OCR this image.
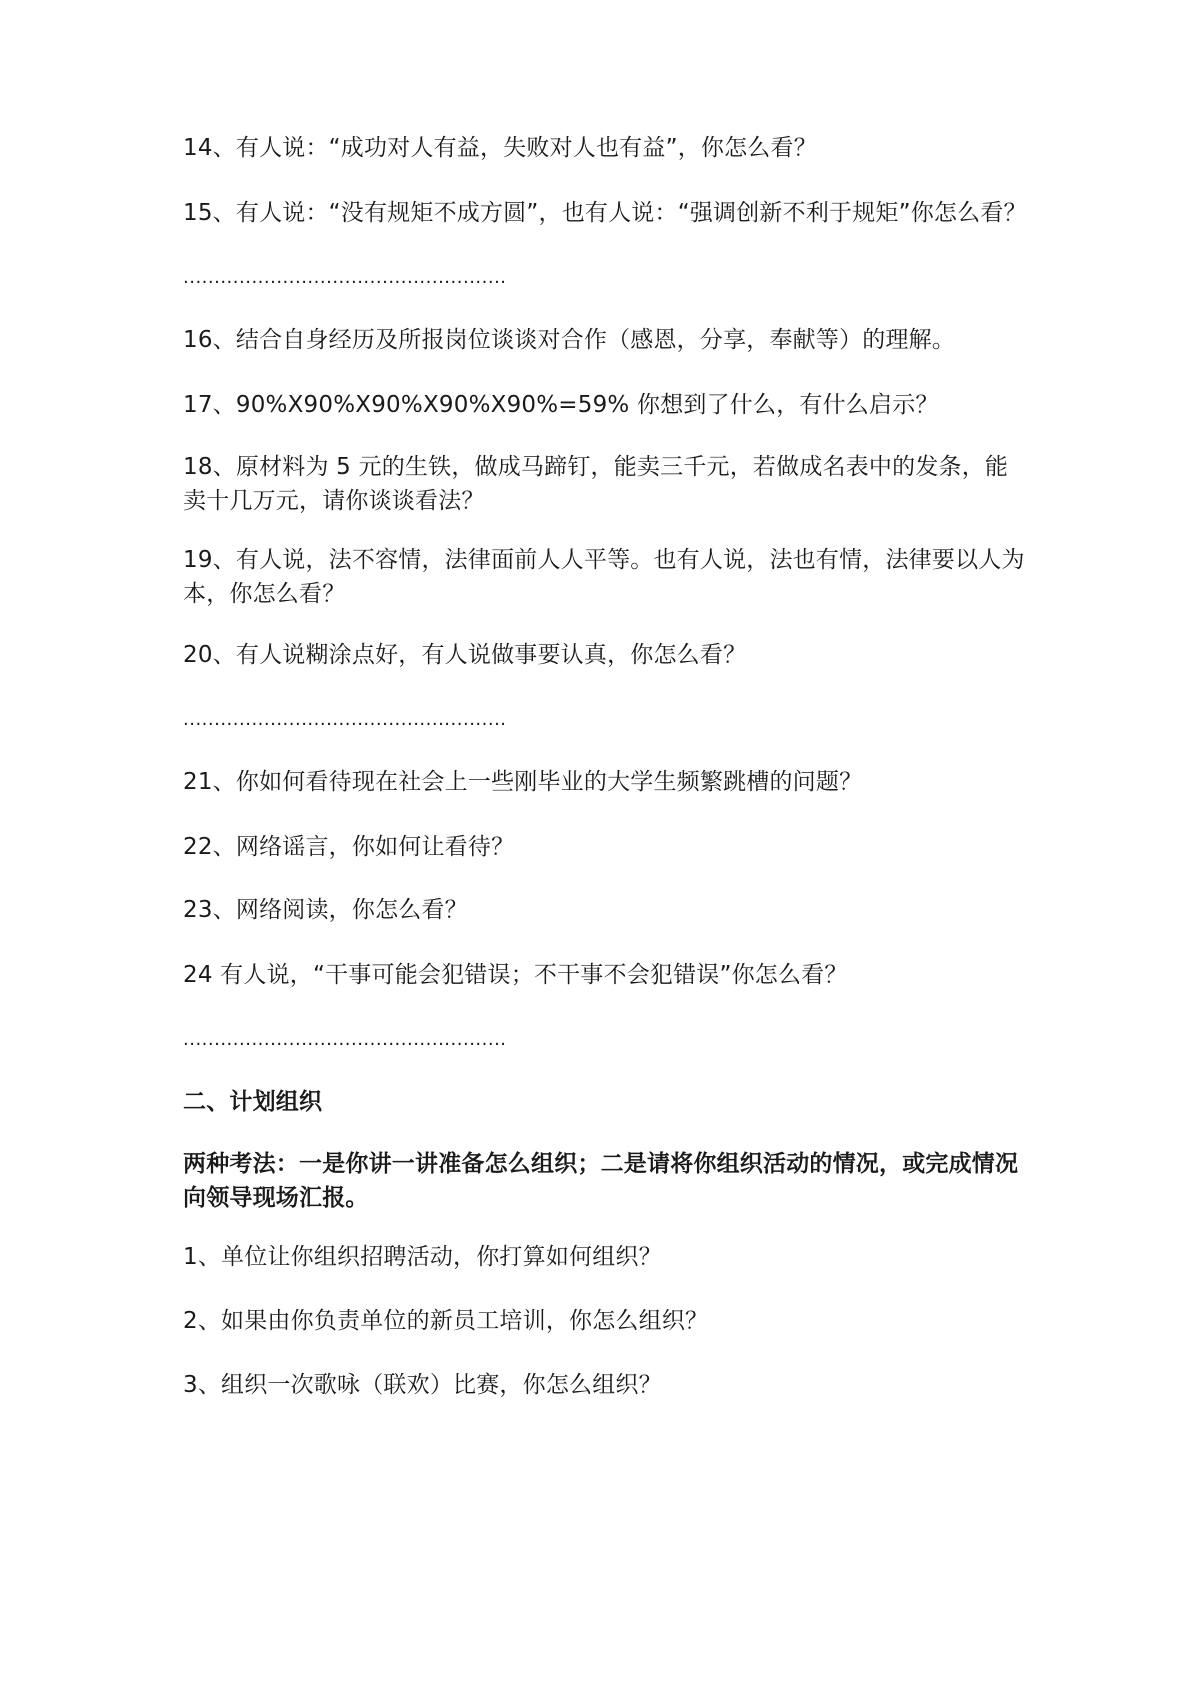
14、有人说：“成功对人有益，失败对人也有益”，你怎么看？
15、有人说：“没有规矩不成方圆”，也有人说：“强调创新不利于规矩”你怎么看？
....................................................
16、结合自身经历及所报岗位谈谈对合作（感恩，分享，奉献等）的理解。
17、90%X90%X90%X90%X90%=59% 你想到了什么，有什么启示？
18、原材料为 5 元的生铁，做成马蹄钉，能卖三千元，若做成名表中的发条，能卖十几万元，请你谈谈看法？
19、有人说，法不容情，法律面前人人平等。也有人说，法也有情，法律要以人为本，你怎么看？
20、有人说糊涂点好，有人说做事要认真，你怎么看？
....................................................
21、你如何看待现在社会上一些刚毕业的大学生频繁跳槽的问题？
22、网络谣言，你如何让看待？
23、网络阅读，你怎么看？
24 有人说，“干事可能会犯错误；不干事不会犯错误”你怎么看？
....................................................
二、计划组织
两种考法：一是你讲一讲准备怎么组织；二是请将你组织活动的情况，或完成情况向领导现场汇报。
1、单位让你组织招聘活动，你打算如何组织？
2、如果由你负责单位的新员工培训，你怎么组织？
3、组织一次歌咏（联欢）比赛，你怎么组织？
